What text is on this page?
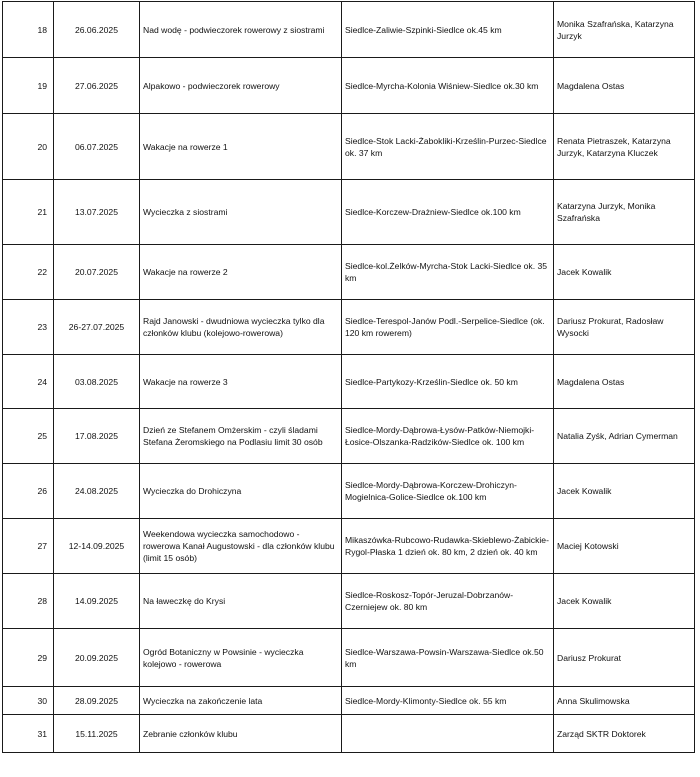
18	26.06.2025	Nad wodę - podwieczorek rowerowy z siostrami	Siedlce-Zaliwie-Szpinki-Siedlce ok.45 km	Monika Szafrańska, Katarzyna Jurzyk
19	27.06.2025	Alpakowo - podwieczorek rowerowy	Siedlce-Myrcha-Kolonia Wiśniew-Siedlce ok.30 km	Magdalena Ostas
20	06.07.2025	Wakacje na rowerze 1	Siedlce-Stok Lacki-Żabokliki-Krześlin-Purzec-Siedlce ok. 37 km	Renata Pietraszek, Katarzyna Jurzyk, Katarzyna Kluczek
21	13.07.2025	Wycieczka z siostrami	Siedlce-Korczew-Drażniew-Siedlce ok.100 km	Katarzyna Jurzyk, Monika Szafrańska
22	20.07.2025	Wakacje na rowerze 2	Siedlce-kol.Żelków-Myrcha-Stok Lacki-Siedlce ok. 35 km	Jacek Kowalik
23	26-27.07.2025	Rajd Janowski - dwudniowa wycieczka tylko dla członków klubu (kolejowo-rowerowa)	Siedlce-Terespol-Janów Podl.-Serpelice-Siedlce (ok. 120 km rowerem)	Dariusz Prokurat, Radosław Wysocki
24	03.08.2025	Wakacje na rowerze 3	Siedlce-Partykozy-Krześlin-Siedlce ok. 50 km	Magdalena Ostas
25	17.08.2025	Dzień ze Stefanem Omżerskim - czyli śladami Stefana Żeromskiego na Podlasiu limit 30 osób	Siedlce-Mordy-Dąbrowa-Łysów-Patków-Niemojki-Łosice-Olszanka-Radzików-Siedlce ok. 100 km	Natalia Zyśk, Adrian Cymerman
26	24.08.2025	Wycieczka do Drohiczyna	Siedlce-Mordy-Dąbrowa-Korczew-Drohiczyn-Mogielnica-Golice-Siedlce ok.100 km	Jacek Kowalik
27	12-14.09.2025	Weekendowa wycieczka samochodowo - rowerowa Kanał Augustowski - dla członków klubu (limit 15 osób)	Mikaszówka-Rubcowo-Rudawka-Skieblewo-Żabickie-Rygol-Płaska 1 dzień ok. 80 km, 2 dzień ok. 40 km	Maciej Kotowski
28	14.09.2025	Na ławeczkę do Krysi	Siedlce-Roskosz-Topór-Jeruzal-Dobrzanów-Czerniejew ok. 80 km	Jacek Kowalik
29	20.09.2025	Ogród Botaniczny w Powsinie - wycieczka kolejowo - rowerowa	Siedlce-Warszawa-Powsin-Warszawa-Siedlce ok.50 km	Dariusz Prokurat
30	28.09.2025	Wycieczka na zakończenie lata	Siedlce-Mordy-Klimonty-Siedlce ok. 55 km	Anna Skulimowska
31	15.11.2025	Zebranie członków klubu		Zarząd SKTR Doktorek
